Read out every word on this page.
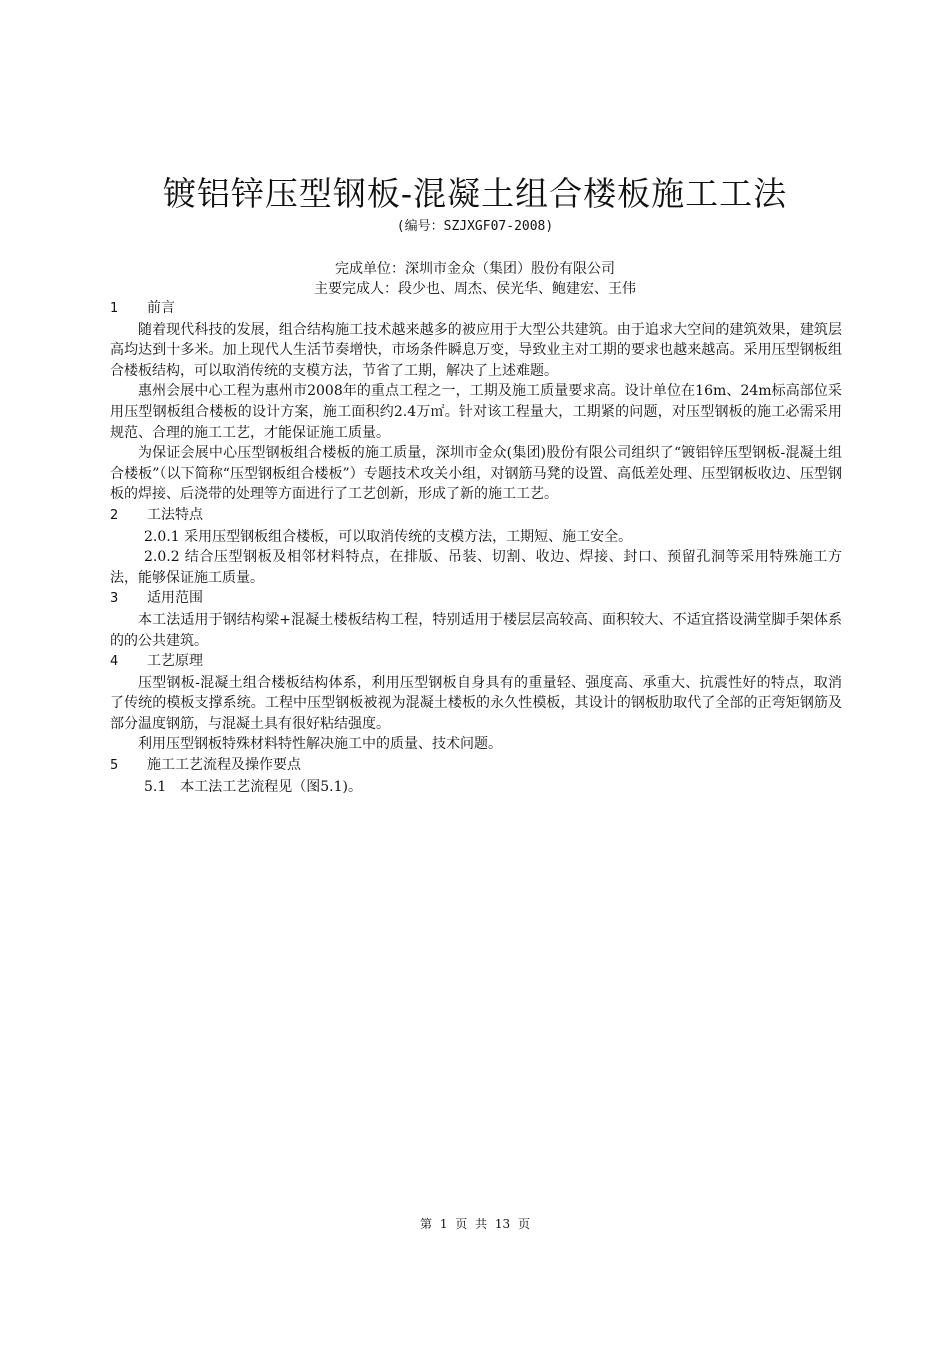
镀铝锌压型钢板-混凝土组合楼板施工工法
(编号：SZJXGF07-2008)
完成单位：深圳市金众（集团）股份有限公司
主要完成人：段少也、周杰、侯光华、鲍建宏、王伟
1 前言

随着现代科技的发展，组合结构施工技术越来越多的被应用于大型公共建筑。由于追求大空间的建筑效果，建筑层高均达到十多米。加上现代人生活节奏增快，市场条件瞬息万变，导致业主对工期的要求也越来越高。采用压型钢板组合楼板结构，可以取消传统的支模方法，节省了工期，解决了上述难题。

惠州会展中心工程为惠州市2008年的重点工程之一，工期及施工质量要求高。设计单位在16m、24m标高部位采用压型钢板组合楼板的设计方案，施工面积约2.4万㎡。针对该工程量大，工期紧的问题，对压型钢板的施工必需采用规范、合理的施工工艺，才能保证施工质量。

为保证会展中心压型钢板组合楼板的施工质量，深圳市金众(集团)股份有限公司组织了“镀铝锌压型钢板-混凝土组合楼板”（以下简称“压型钢板组合楼板”）专题技术攻关小组，对钢筋马凳的设置、高低差处理、压型钢板收边、压型钢板的焊接、后浇带的处理等方面进行了工艺创新，形成了新的施工工艺。

2 工法特点

2.0.1 采用压型钢板组合楼板，可以取消传统的支模方法，工期短、施工安全。

2.0.2 结合压型钢板及相邻材料特点，在排版、吊装、切割、收边、焊接、封口、预留孔洞等采用特殊施工方法，能够保证施工质量。

3 适用范围

本工法适用于钢结构梁+混凝土楼板结构工程，特别适用于楼层层高较高、面积较大、不适宜搭设满堂脚手架体系的的公共建筑。

4 工艺原理

压型钢板-混凝土组合楼板结构体系，利用压型钢板自身具有的重量轻、强度高、承重大、抗震性好的特点，取消了传统的模板支撑系统。工程中压型钢板被视为混凝土楼板的永久性模板，其设计的钢板肋取代了全部的正弯矩钢筋及部分温度钢筋，与混凝土具有很好粘结强度。

利用压型钢板特殊材料特性解决施工中的质量、技术问题。

5 施工工艺流程及操作要点

5.1　本工法工艺流程见（图5.1)。

第 1 页 共 13 页
